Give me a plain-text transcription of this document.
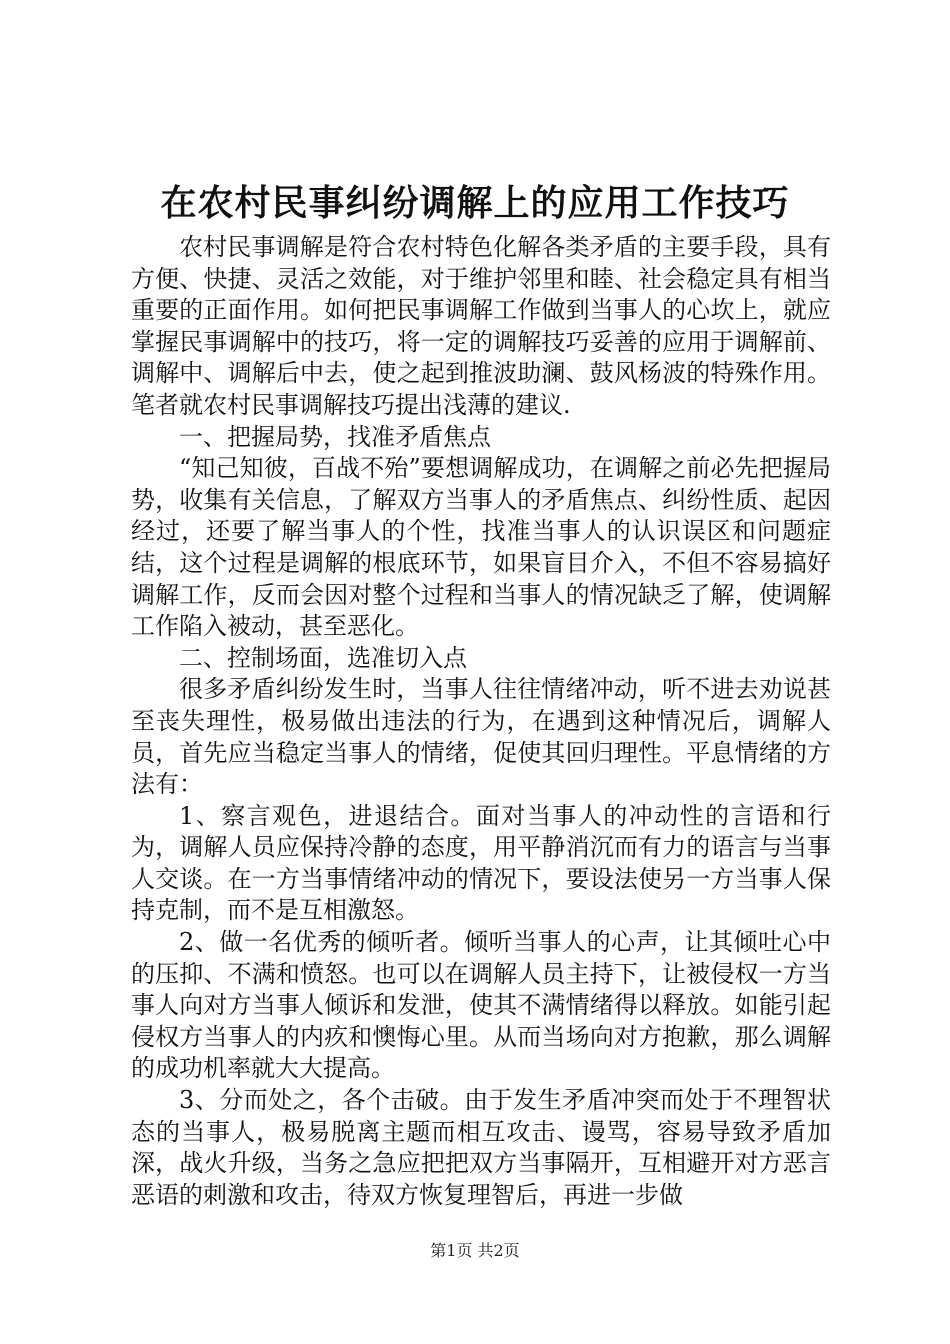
在农村民事纠纷调解上的应用工作技巧

农村民事调解是符合农村特色化解各类矛盾的主要手段，具有方便、快捷、灵活之效能，对于维护邻里和睦、社会稳定具有相当重要的正面作用。如何把民事调解工作做到当事人的心坎上，就应掌握民事调解中的技巧，将一定的调解技巧妥善的应用于调解前、调解中、调解后中去，使之起到推波助澜、鼓风杨波的特殊作用。笔者就农村民事调解技巧提出浅薄的建议.

一、把握局势，找准矛盾焦点

“知己知彼，百战不殆”要想调解成功，在调解之前必先把握局势，收集有关信息，了解双方当事人的矛盾焦点、纠纷性质、起因经过，还要了解当事人的个性，找准当事人的认识误区和问题症结，这个过程是调解的根底环节，如果盲目介入，不但不容易搞好调解工作，反而会因对整个过程和当事人的情况缺乏了解，使调解工作陷入被动，甚至恶化。

二、控制场面，选准切入点

很多矛盾纠纷发生时，当事人往往情绪冲动，听不进去劝说甚至丧失理性，极易做出违法的行为，在遇到这种情况后，调解人员，首先应当稳定当事人的情绪，促使其回归理性。平息情绪的方法有：

1、察言观色，进退结合。面对当事人的冲动性的言语和行为，调解人员应保持冷静的态度，用平静消沉而有力的语言与当事人交谈。在一方当事情绪冲动的情况下，要设法使另一方当事人保持克制，而不是互相激怒。

2、做一名优秀的倾听者。倾听当事人的心声，让其倾吐心中的压抑、不满和愤怒。也可以在调解人员主持下，让被侵权一方当事人向对方当事人倾诉和发泄，使其不满情绪得以释放。如能引起侵权方当事人的内疚和懊悔心里。从而当场向对方抱歉，那么调解的成功机率就大大提高。

3、分而处之，各个击破。由于发生矛盾冲突而处于不理智状态的当事人，极易脱离主题而相互攻击、谩骂，容易导致矛盾加深，战火升级，当务之急应把把双方当事隔开，互相避开对方恶言恶语的刺激和攻击，待双方恢复理智后，再进一步做

第1页 共2页
